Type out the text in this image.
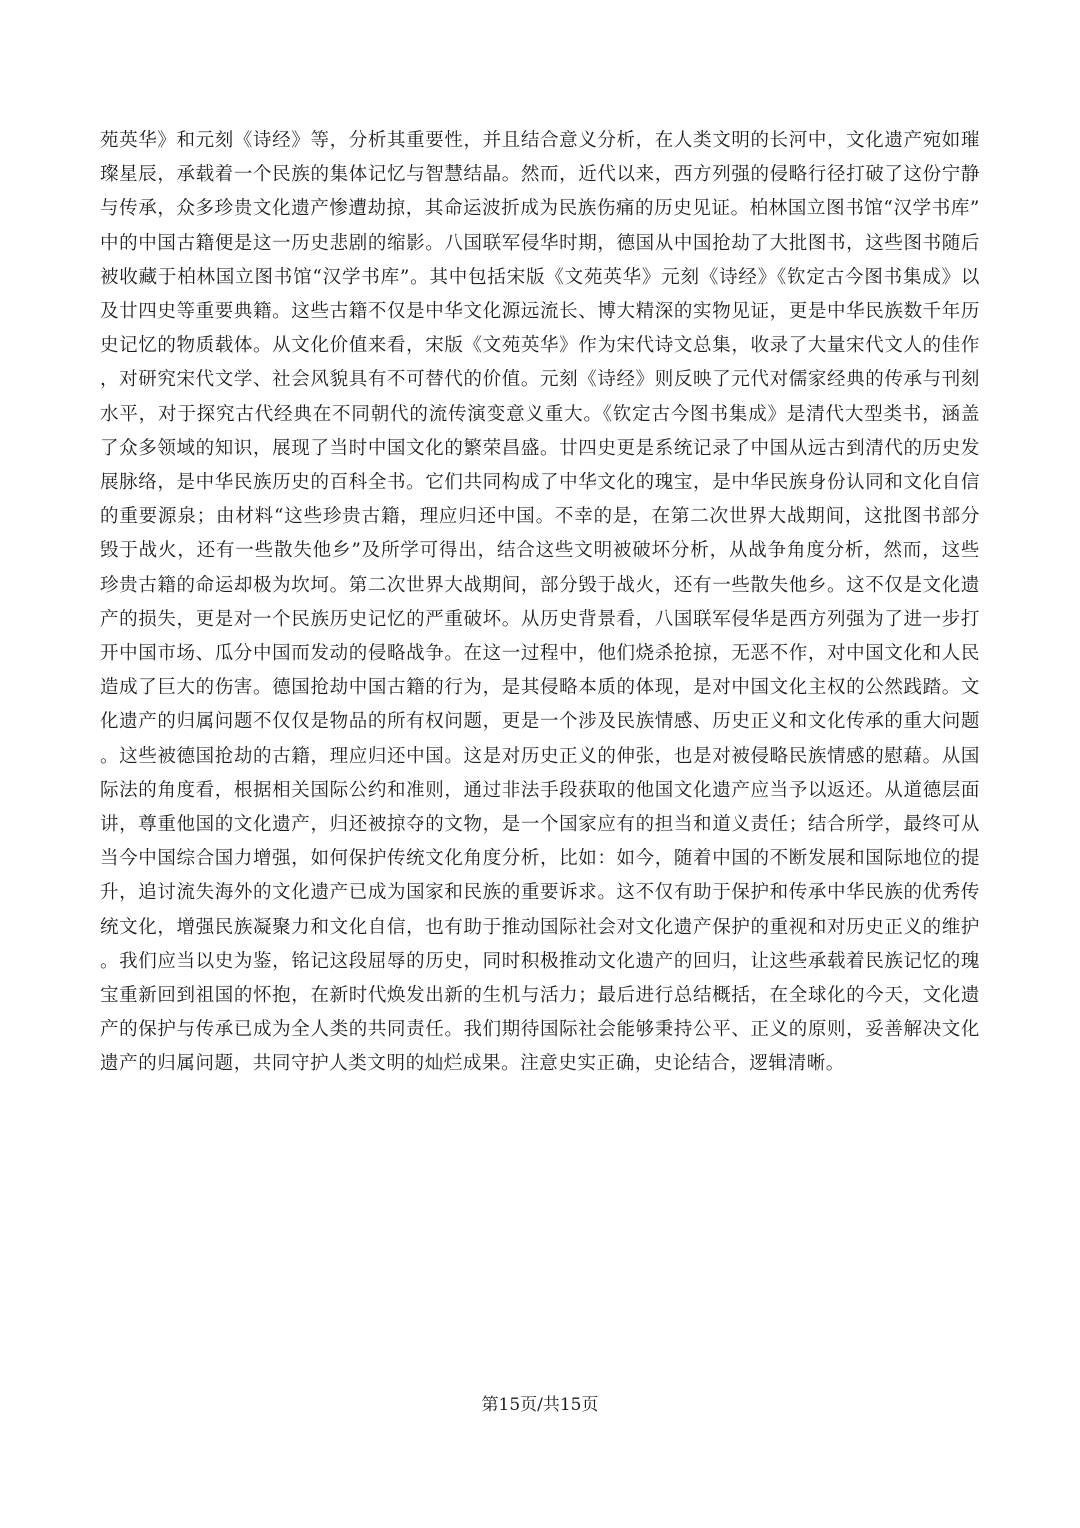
苑英华》和元刻《诗经》等，分析其重要性，并且结合意义分析，在人类文明的长河中，文化遗产宛如璀璨星辰，承载着一个民族的集体记忆与智慧结晶。然而，近代以来，西方列强的侵略行径打破了这份宁静与传承，众多珍贵文化遗产惨遭劫掠，其命运波折成为民族伤痛的历史见证。柏林国立图书馆“汉学书库”中的中国古籍便是这一历史悲剧的缩影。八国联军侵华时期，德国从中国抢劫了大批图书，这些图书随后被收藏于柏林国立图书馆“汉学书库”。其中包括宋版《文苑英华》元刻《诗经》《钦定古今图书集成》以及廿四史等重要典籍。这些古籍不仅是中华文化源远流长、博大精深的实物见证，更是中华民族数千年历史记忆的物质载体。从文化价值来看，宋版《文苑英华》作为宋代诗文总集，收录了大量宋代文人的佳作，对研究宋代文学、社会风貌具有不可替代的价值。元刻《诗经》则反映了元代对儒家经典的传承与刊刻水平，对于探究古代经典在不同朝代的流传演变意义重大。《钦定古今图书集成》是清代大型类书，涵盖了众多领域的知识，展现了当时中国文化的繁荣昌盛。廿四史更是系统记录了中国从远古到清代的历史发展脉络，是中华民族历史的百科全书。它们共同构成了中华文化的瑰宝，是中华民族身份认同和文化自信的重要源泉；由材料“这些珍贵古籍，理应归还中国。不幸的是，在第二次世界大战期间，这批图书部分毁于战火，还有一些散失他乡”及所学可得出，结合这些文明被破坏分析，从战争角度分析，然而，这些珍贵古籍的命运却极为坎坷。第二次世界大战期间，部分毁于战火，还有一些散失他乡。这不仅是文化遗产的损失，更是对一个民族历史记忆的严重破坏。从历史背景看，八国联军侵华是西方列强为了进一步打开中国市场、瓜分中国而发动的侵略战争。在这一过程中，他们烧杀抢掠，无恶不作，对中国文化和人民造成了巨大的伤害。德国抢劫中国古籍的行为，是其侵略本质的体现，是对中国文化主权的公然践踏。文化遗产的归属问题不仅仅是物品的所有权问题，更是一个涉及民族情感、历史正义和文化传承的重大问题。这些被德国抢劫的古籍，理应归还中国。这是对历史正义的伸张，也是对被侵略民族情感的慰藉。从国际法的角度看，根据相关国际公约和准则，通过非法手段获取的他国文化遗产应当予以返还。从道德层面讲，尊重他国的文化遗产，归还被掠夺的文物，是一个国家应有的担当和道义责任；结合所学，最终可从当今中国综合国力增强，如何保护传统文化角度分析，比如：如今，随着中国的不断发展和国际地位的提升，追讨流失海外的文化遗产已成为国家和民族的重要诉求。这不仅有助于保护和传承中华民族的优秀传统文化，增强民族凝聚力和文化自信，也有助于推动国际社会对文化遗产保护的重视和对历史正义的维护。我们应当以史为鉴，铭记这段屈辱的历史，同时积极推动文化遗产的回归，让这些承载着民族记忆的瑰宝重新回到祖国的怀抱，在新时代焕发出新的生机与活力；最后进行总结概括，在全球化的今天，文化遗产的保护与传承已成为全人类的共同责任。我们期待国际社会能够秉持公平、正义的原则，妥善解决文化遗产的归属问题，共同守护人类文明的灿烂成果。注意史实正确，史论结合，逻辑清晰。

第15页/共15页
